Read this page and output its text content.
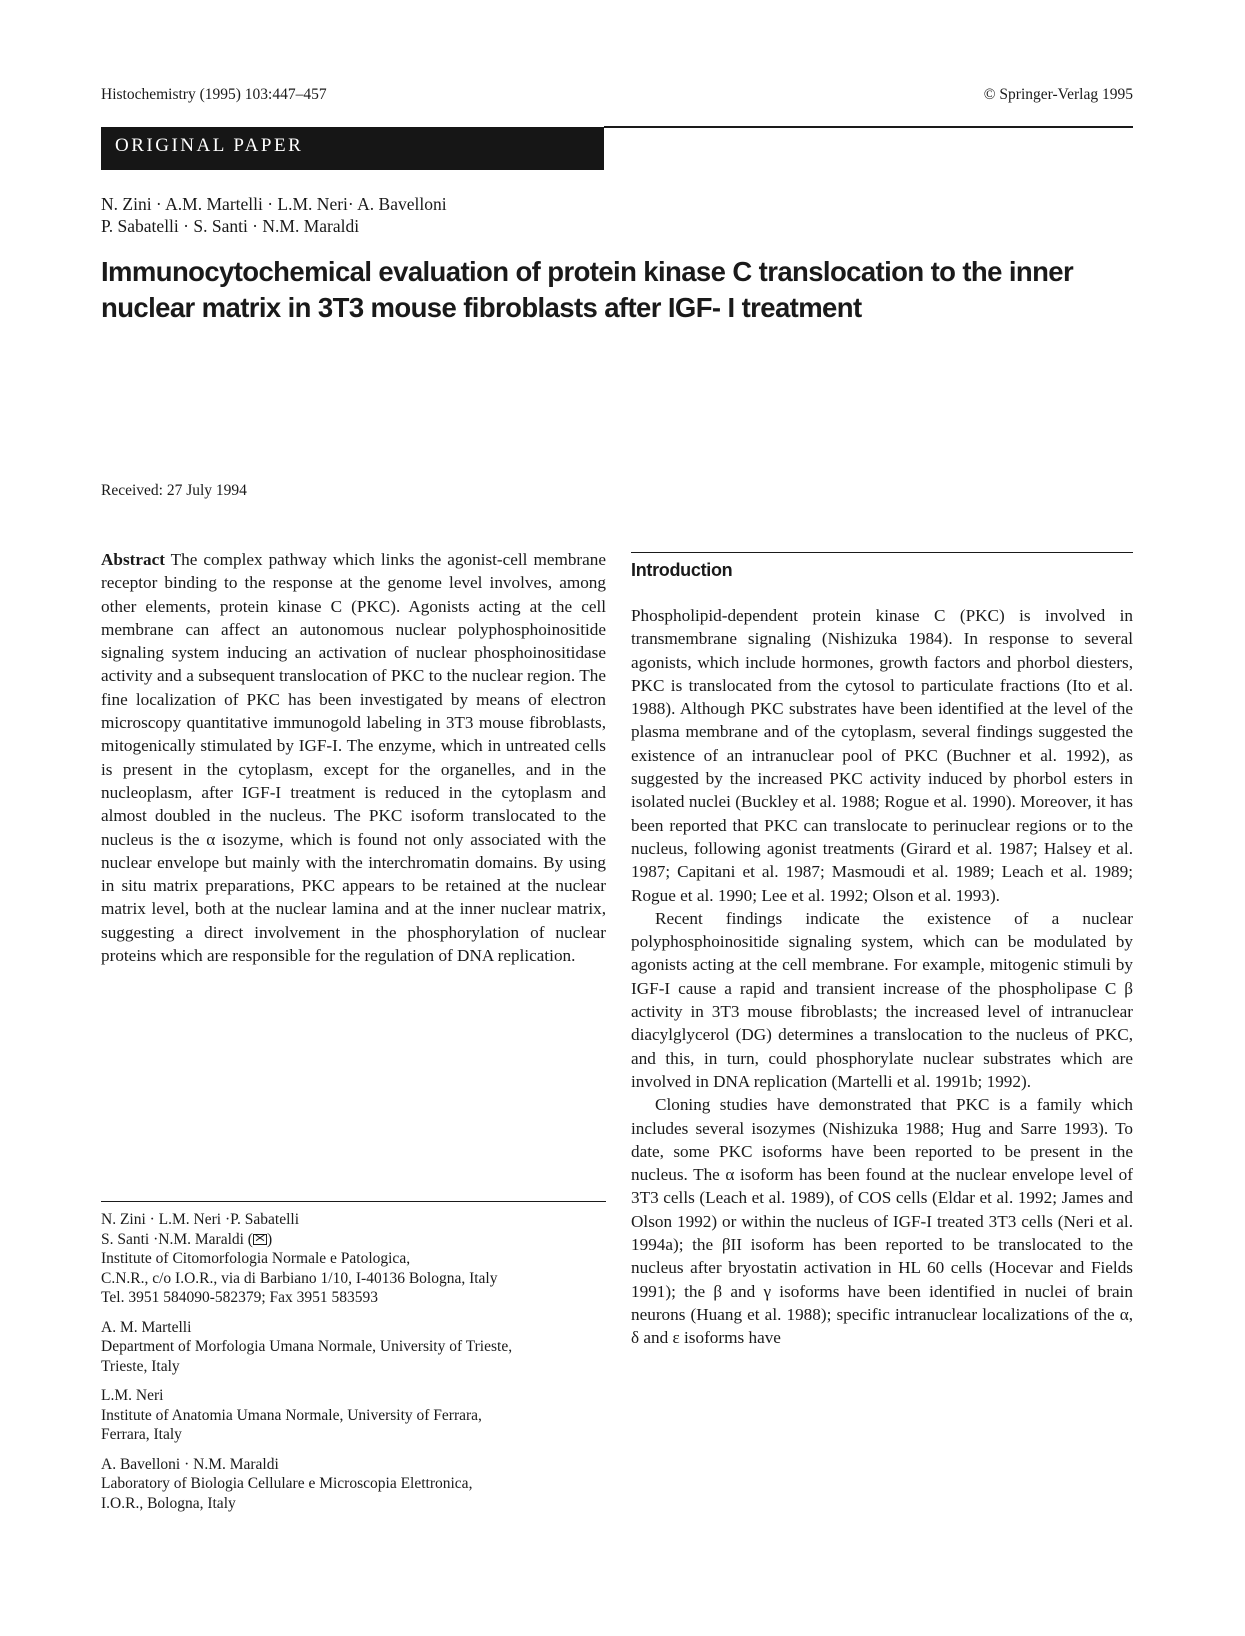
Histochemistry (1995) 103:447–457	© Springer-Verlag 1995
ORIGINAL PAPER
N. Zini · A.M. Martelli · L.M. Neri· A. Bavelloni
P. Sabatelli · S. Santi · N.M. Maraldi
Immunocytochemical evaluation of protein kinase C translocation to the inner nuclear matrix in 3T3 mouse fibroblasts after IGF- I treatment
Received: 27 July 1994
Abstract The complex pathway which links the agonist-cell membrane receptor binding to the response at the genome level involves, among other elements, protein kinase C (PKC). Agonists acting at the cell membrane can affect an autonomous nuclear polyphosphoinositide signaling system inducing an activation of nuclear phosphoinositidase activity and a subsequent translocation of PKC to the nuclear region. The fine localization of PKC has been investigated by means of electron microscopy quantitative immunogold labeling in 3T3 mouse fibroblasts, mitogenically stimulated by IGF-I. The enzyme, which in untreated cells is present in the cytoplasm, except for the organelles, and in the nucleoplasm, after IGF-I treatment is reduced in the cytoplasm and almost doubled in the nucleus. The PKC isoform translocated to the nucleus is the α isozyme, which is found not only associated with the nuclear envelope but mainly with the interchromatin domains. By using in situ matrix preparations, PKC appears to be retained at the nuclear matrix level, both at the nuclear lamina and at the inner nuclear matrix, suggesting a direct involvement in the phosphorylation of nuclear proteins which are responsible for the regulation of DNA replication.
N. Zini · L.M. Neri ·P. Sabatelli
S. Santi ·N.M. Maraldi ( )
Institute of Citomorfologia Normale e Patologica,
C.N.R., c/o I.O.R., via di Barbiano 1/10, I-40136 Bologna, Italy
Tel. 3951 584090-582379; Fax 3951 583593
A. M. Martelli
Department of Morfologia Umana Normale, University of Trieste,
Trieste, Italy
L.M. Neri
Institute of Anatomia Umana Normale, University of Ferrara,
Ferrara, Italy
A. Bavelloni · N.M. Maraldi
Laboratory of Biologia Cellulare e Microscopia Elettronica,
I.O.R., Bologna, Italy
Introduction

Phospholipid-dependent protein kinase C (PKC) is involved in transmembrane signaling (Nishizuka 1984). In response to several agonists, which include hormones, growth factors and phorbol diesters, PKC is translocated from the cytosol to particulate fractions (Ito et al. 1988). Although PKC substrates have been identified at the level of the plasma membrane and of the cytoplasm, several findings suggested the existence of an intranuclear pool of PKC (Buchner et al. 1992), as suggested by the increased PKC activity induced by phorbol esters in isolated nuclei (Buckley et al. 1988; Rogue et al. 1990). Moreover, it has been reported that PKC can translocate to perinuclear regions or to the nucleus, following agonist treatments (Girard et al. 1987; Halsey et al. 1987; Capitani et al. 1987; Masmoudi et al. 1989; Leach et al. 1989; Rogue et al. 1990; Lee et al. 1992; Olson et al. 1993).

Recent findings indicate the existence of a nuclear polyphosphoinositide signaling system, which can be modulated by agonists acting at the cell membrane. For example, mitogenic stimuli by IGF-I cause a rapid and transient increase of the phospholipase C β activity in 3T3 mouse fibroblasts; the increased level of intranuclear diacylglycerol (DG) determines a translocation to the nucleus of PKC, and this, in turn, could phosphorylate nuclear substrates which are involved in DNA replication (Martelli et al. 1991b; 1992).

Cloning studies have demonstrated that PKC is a family which includes several isozymes (Nishizuka 1988; Hug and Sarre 1993). To date, some PKC isoforms have been reported to be present in the nucleus. The α isoform has been found at the nuclear envelope level of 3T3 cells (Leach et al. 1989), of COS cells (Eldar et al. 1992; James and Olson 1992) or within the nucleus of IGF-I treated 3T3 cells (Neri et al. 1994a); the βII isoform has been reported to be translocated to the nucleus after bryostatin activation in HL 60 cells (Hocevar and Fields 1991); the β and γ isoforms have been identified in nuclei of brain neurons (Huang et al. 1988); specific intranuclear localizations of the α, δ and ε isoforms have
